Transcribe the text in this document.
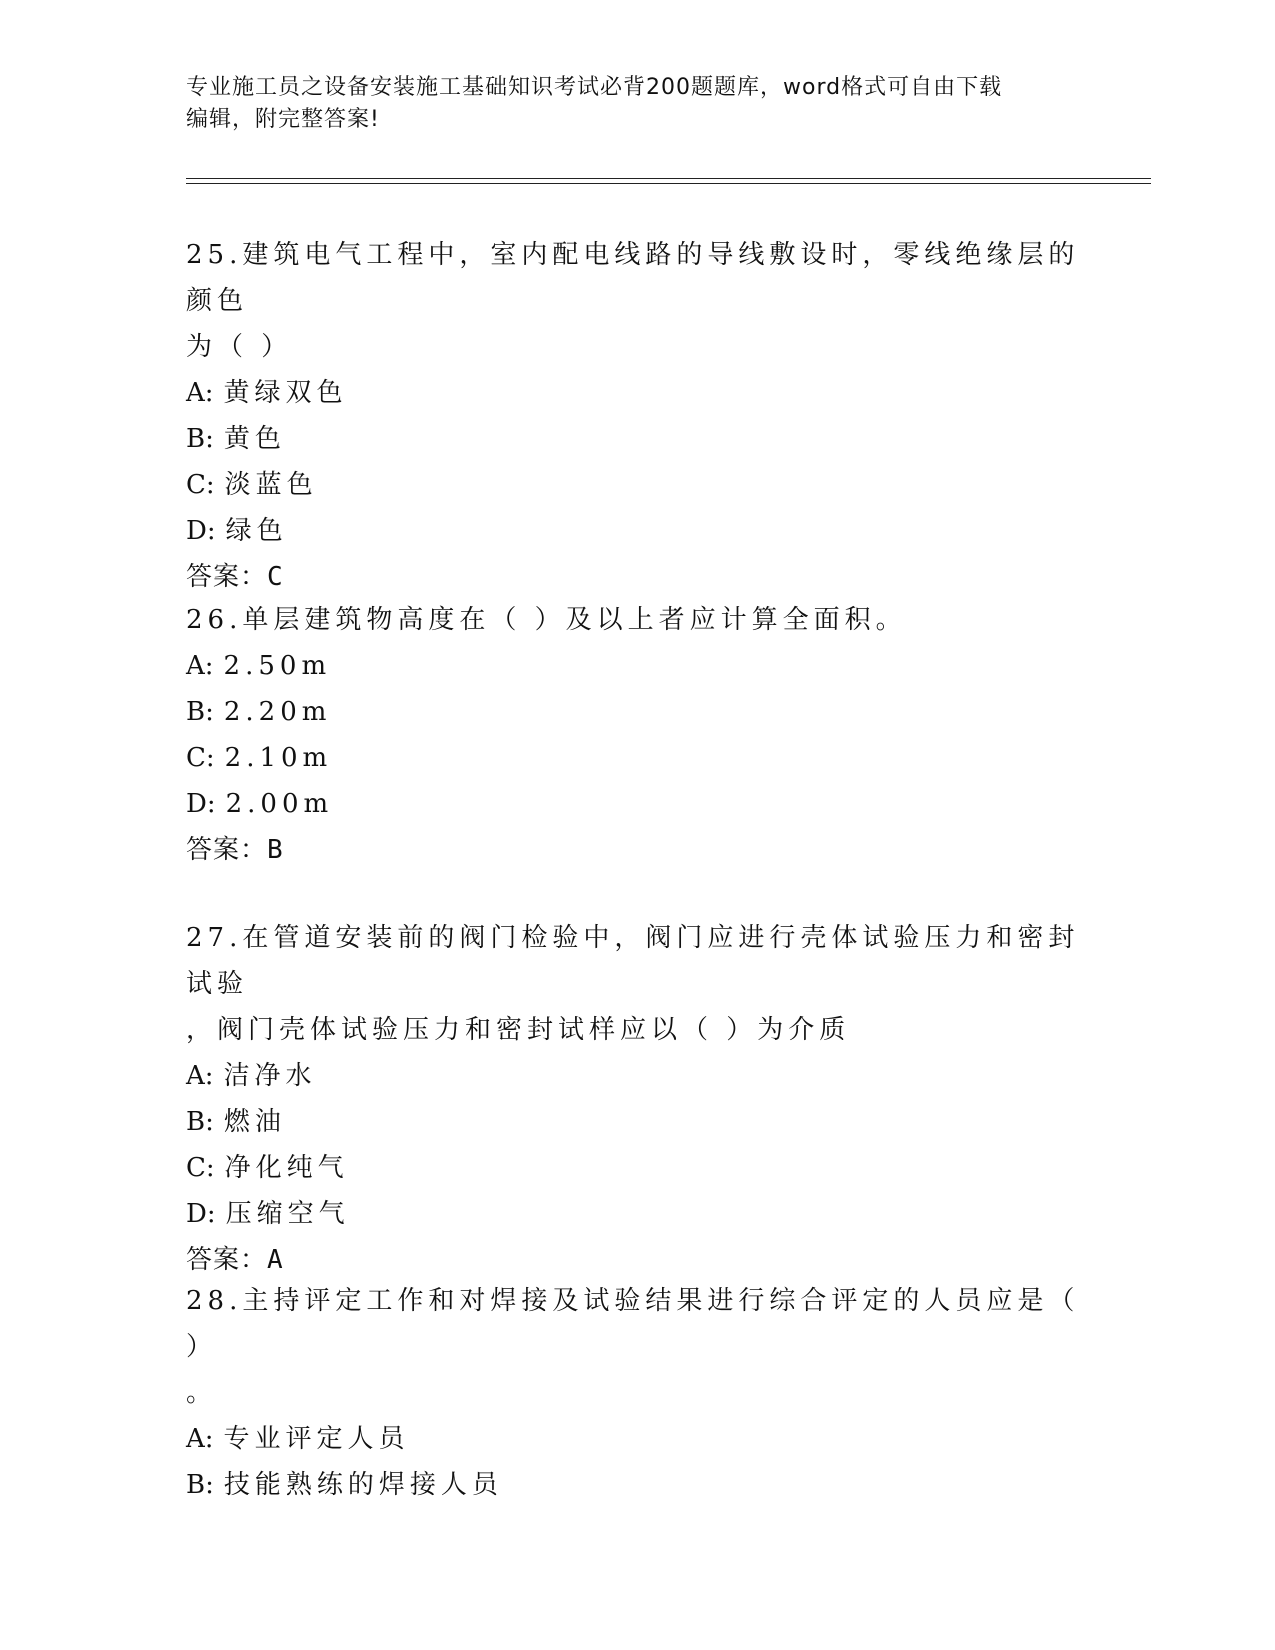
专业施工员之设备安装施工基础知识考试必背200题题库，word格式可自由下载
编辑，附完整答案!

25.建筑电气工程中，室内配电线路的导线敷设时，零线绝缘层的颜色

为（ ）

A: 黄绿双色

B: 黄色

C: 淡蓝色

D: 绿色

答案：C

26.单层建筑物高度在（ ）及以上者应计算全面积。

A: 2.50m

B: 2.20m

C: 2.10m

D: 2.00m

答案：B

27.在管道安装前的阀门检验中，阀门应进行壳体试验压力和密封试验

，阀门壳体试验压力和密封试样应以（ ）为介质

A: 洁净水

B: 燃油

C: 净化纯气

D: 压缩空气

答案：A

28.主持评定工作和对焊接及试验结果进行综合评定的人员应是（ ）

。

A: 专业评定人员

B: 技能熟练的焊接人员
